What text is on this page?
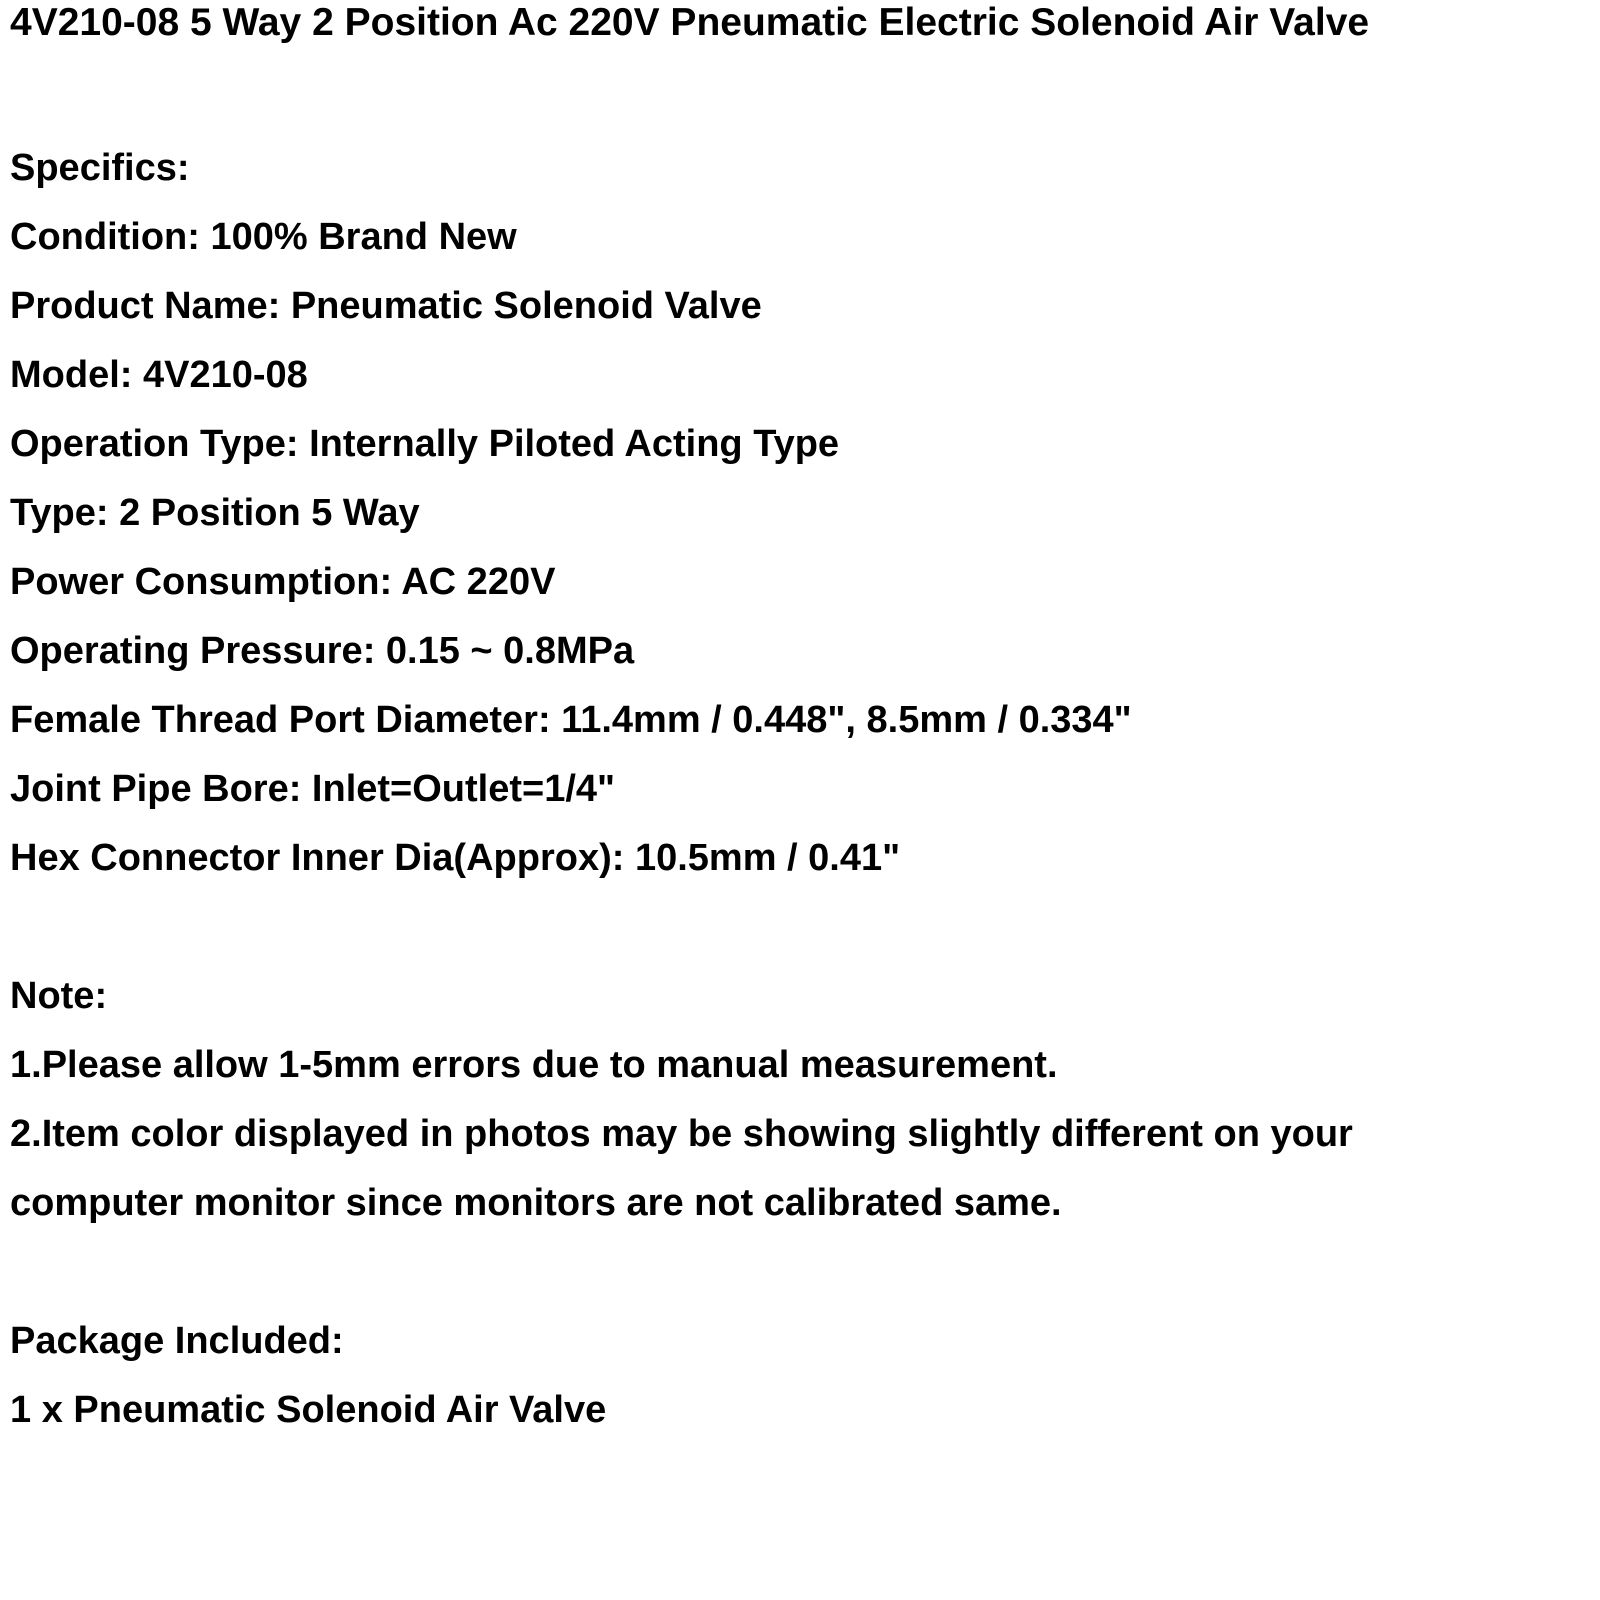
4V210-08 5 Way 2 Position Ac 220V Pneumatic Electric Solenoid Air Valve
Specifics:
Condition: 100% Brand New
Product Name: Pneumatic Solenoid Valve
Model: 4V210-08
Operation Type: Internally Piloted Acting Type
Type: 2 Position 5 Way
Power Consumption: AC 220V
Operating Pressure: 0.15 ~ 0.8MPa
Female Thread Port Diameter: 11.4mm / 0.448", 8.5mm / 0.334"
Joint Pipe Bore: Inlet=Outlet=1/4"
Hex Connector Inner Dia(Approx): 10.5mm / 0.41"
Note:
1.Please allow 1-5mm errors due to manual measurement.
2.Item color displayed in photos may be showing slightly different on your
computer monitor since monitors are not calibrated same.
Package Included:
1 x Pneumatic Solenoid Air Valve
